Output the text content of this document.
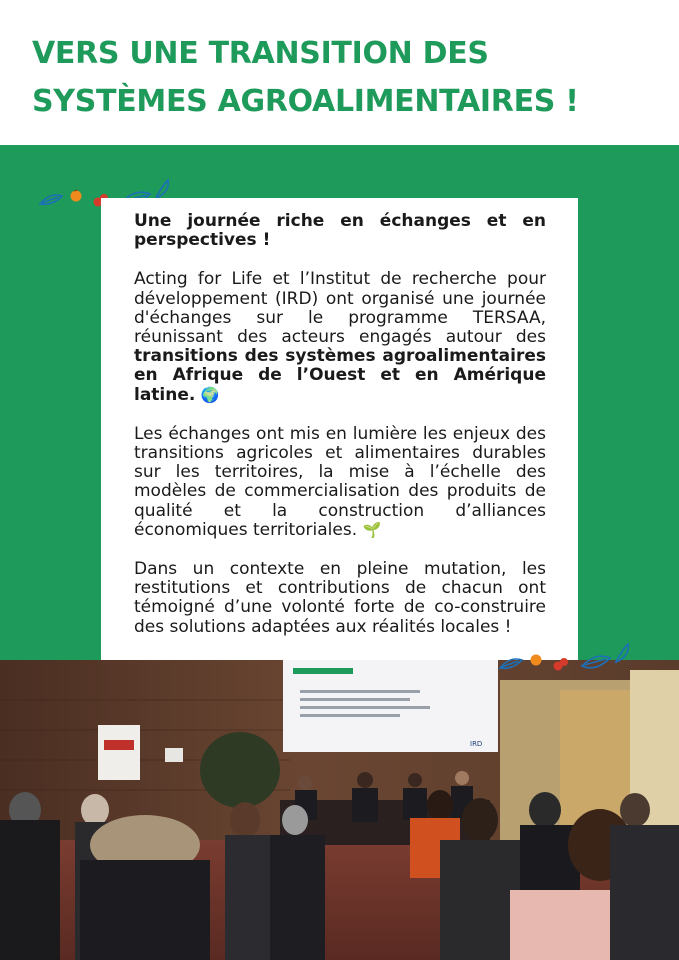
VERS UNE TRANSITION DES
SYSTÈMES AGROALIMENTAIRES !

Une journée riche en échanges et en perspectives !

Acting for Life et l’Institut de recherche pour développement (IRD) ont organisé une journée d'échanges sur le programme TERSAA, réunissant des acteurs engagés autour des transitions des systèmes agroalimentaires en Afrique de l’Ouest et en Amérique latine. 🌍

Les échanges ont mis en lumière les enjeux des transitions agricoles et alimentaires durables sur les territoires, la mise à l’échelle des modèles de commercialisation des produits de qualité et la construction d’alliances économiques territoriales. 🌱

Dans un contexte en pleine mutation, les restitutions et contributions de chacun ont témoigné d’une volonté forte de co-construire des solutions adaptées aux réalités locales !

IRD
